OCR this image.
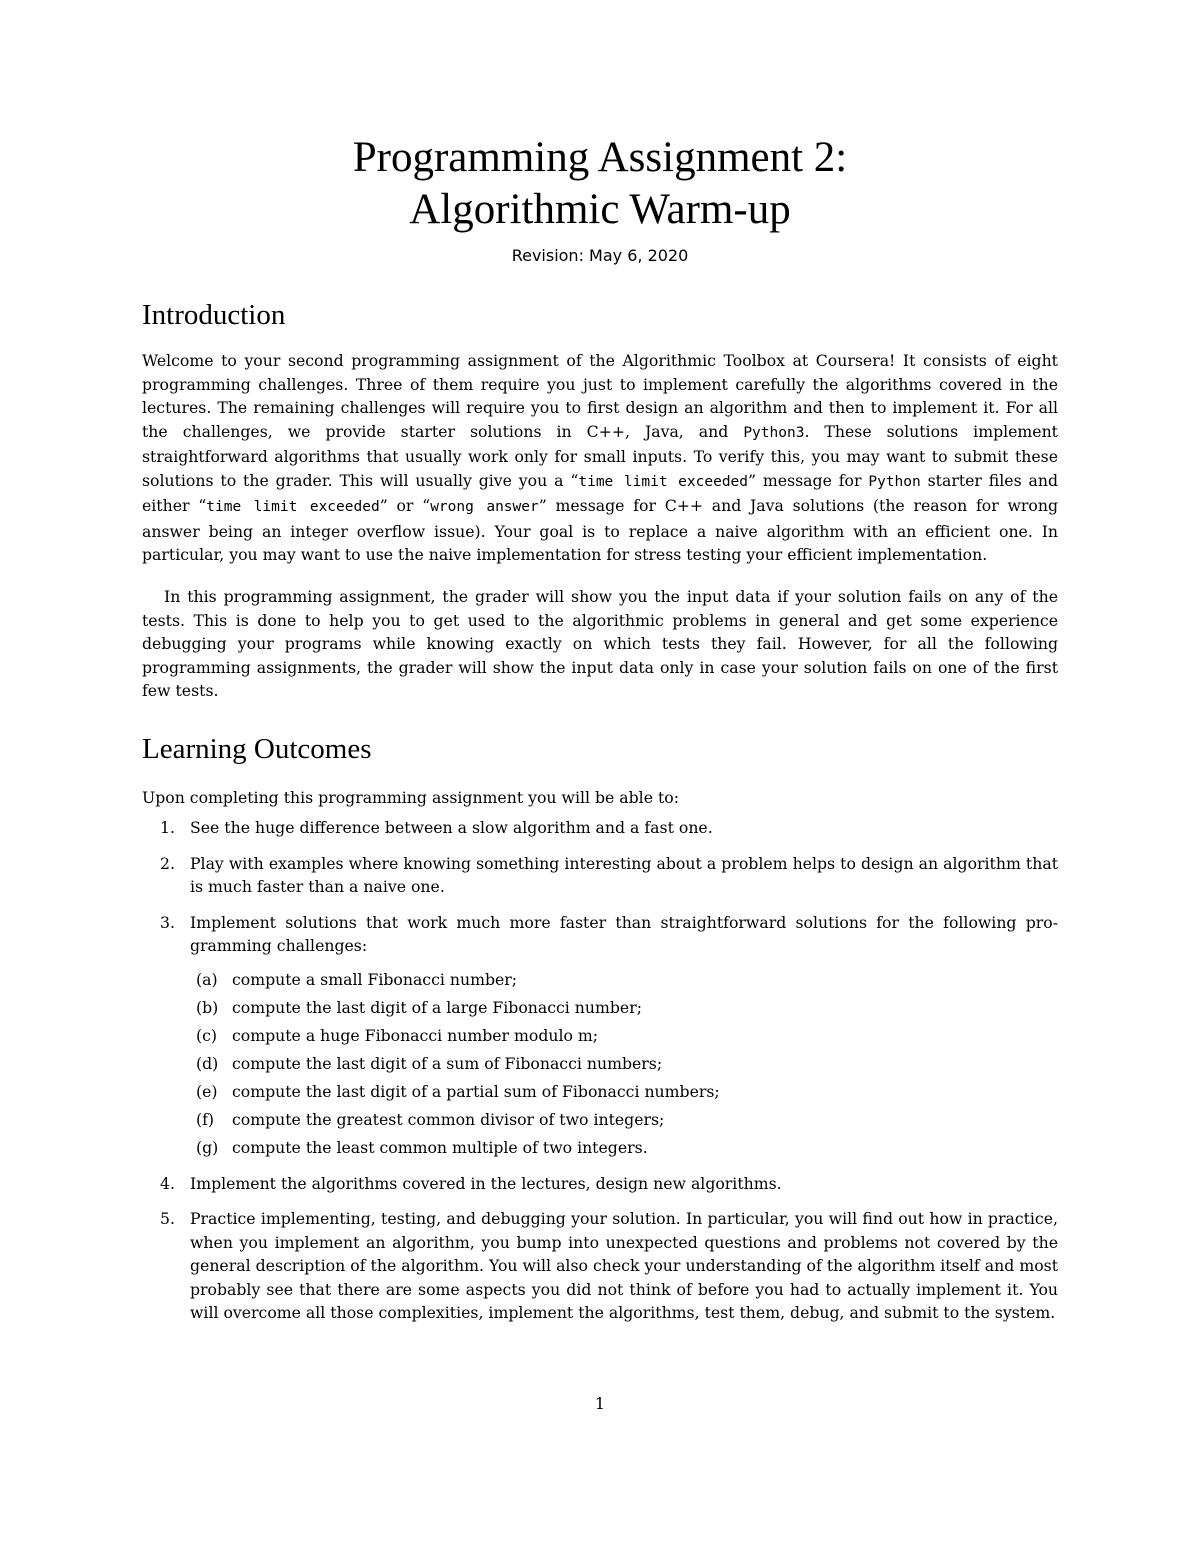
Programming Assignment 2:
Algorithmic Warm-up
Revision: May 6, 2020
Introduction

Welcome to your second programming assignment of the Algorithmic Toolbox at Coursera! It consists of eight programming challenges. Three of them require you just to implement carefully the algorithms covered in the lectures. The remaining challenges will require you to first design an algorithm and then to implement it. For all the challenges, we provide starter solutions in C++, Java, and Python3. These solutions implement straightforward algorithms that usually work only for small inputs. To verify this, you may want to submit these solutions to the grader. This will usually give you a “time limit exceeded” message for Python starter files and either “time limit exceeded” or “wrong answer” message for C++ and Java solutions (the reason for wrong answer being an integer overflow issue). Your goal is to replace a naive algorithm with an efficient one. In particular, you may want to use the naive implementation for stress testing your efficient implementation.

In this programming assignment, the grader will show you the input data if your solution fails on any of the tests. This is done to help you to get used to the algorithmic problems in general and get some experience debugging your programs while knowing exactly on which tests they fail. However, for all the following programming assignments, the grader will show the input data only in case your solution fails on one of the first few tests.

Learning Outcomes

Upon completing this programming assignment you will be able to:

1. See the huge difference between a slow algorithm and a fast one.
2. Play with examples where knowing something interesting about a problem helps to design an algorithm that is much faster than a naive one.
3. Implement solutions that work much more faster than straightforward solutions for the following pro-gramming challenges:
(a) compute a small Fibonacci number;
(b) compute the last digit of a large Fibonacci number;
(c) compute a huge Fibonacci number modulo m;
(d) compute the last digit of a sum of Fibonacci numbers;
(e) compute the last digit of a partial sum of Fibonacci numbers;
(f) compute the greatest common divisor of two integers;
(g) compute the least common multiple of two integers.
4. Implement the algorithms covered in the lectures, design new algorithms.
5. Practice implementing, testing, and debugging your solution. In particular, you will find out how in practice, when you implement an algorithm, you bump into unexpected questions and problems not covered by the general description of the algorithm. You will also check your understanding of the algorithm itself and most probably see that there are some aspects you did not think of before you had to actually implement it. You will overcome all those complexities, implement the algorithms, test them, debug, and submit to the system.
1
